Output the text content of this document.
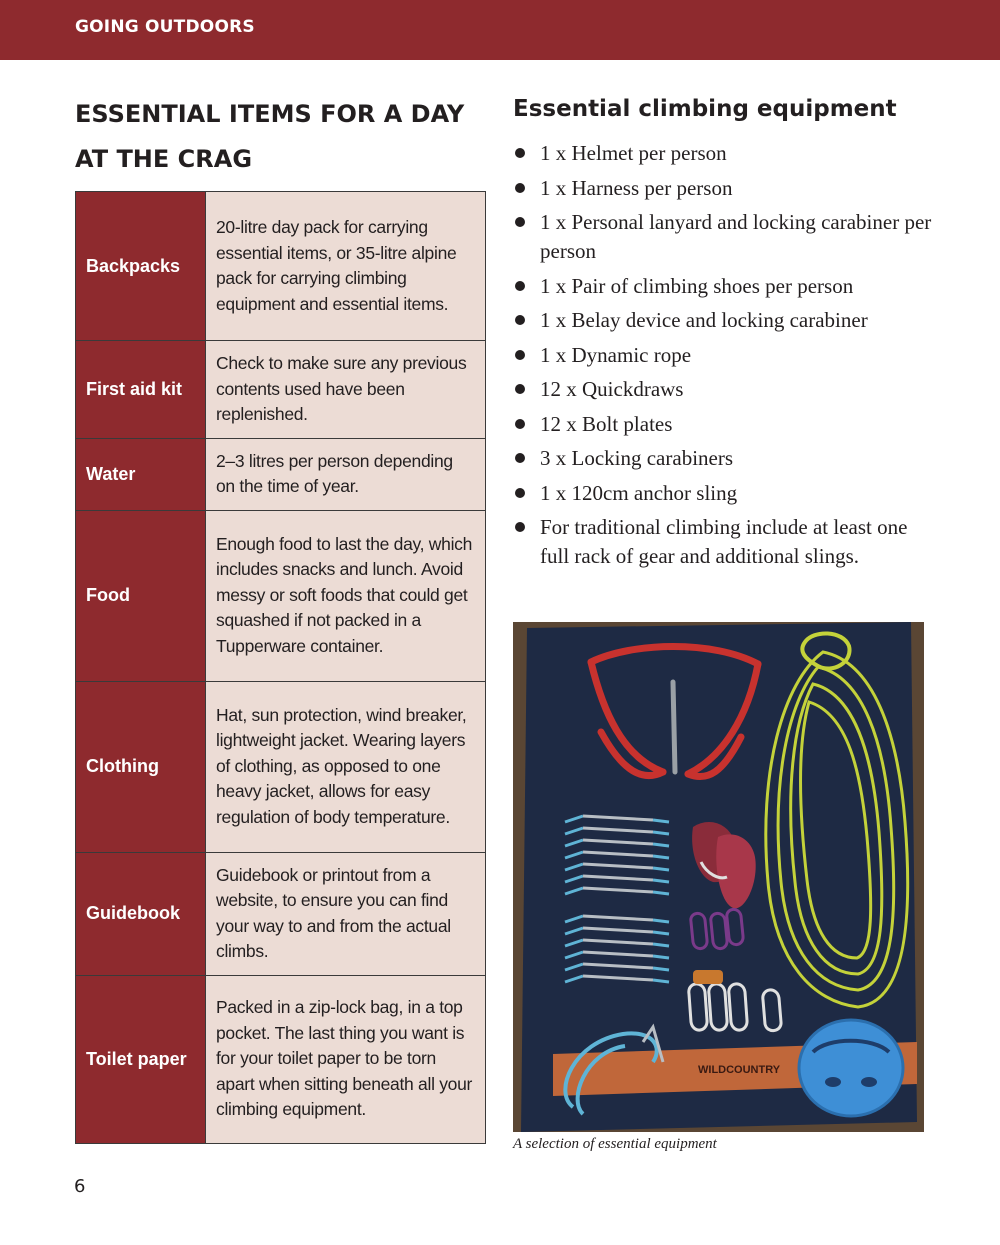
GOING OUTDOORS
ESSENTIAL ITEMS FOR A DAY
AT THE CRAG
Backpacks	20-litre day pack for carrying essential items, or 35-litre alpine pack for carrying climbing equipment and essential items.
First aid kit	Check to make sure any previous contents used have been replenished.
Water	2–3 litres per person depending on the time of year.
Food	Enough food to last the day, which includes snacks and lunch. Avoid messy or soft foods that could get squashed if not packed in a Tupperware container.
Clothing	Hat, sun protection, wind breaker, lightweight jacket. Wearing layers of clothing, as opposed to one heavy jacket, allows for easy regulation of body temperature.
Guidebook	Guidebook or printout from a website, to ensure you can find your way to and from the actual climbs.
Toilet paper	Packed in a zip-lock bag, in a top pocket. The last thing you want is for your toilet paper to be torn apart when sitting beneath all your climbing equipment.
Essential climbing equipment
1 x Helmet per person
1 x Harness per person
1 x Personal lanyard and locking carabiner per person
1 x Pair of climbing shoes per person
1 x Belay device and locking carabiner
1 x Dynamic rope
12 x Quickdraws
12 x Bolt plates
3 x Locking carabiners
1 x 120cm anchor sling
For traditional climbing include at least one full rack of gear and additional slings.
WILDCOUNTRY

A selection of essential equipment

6
